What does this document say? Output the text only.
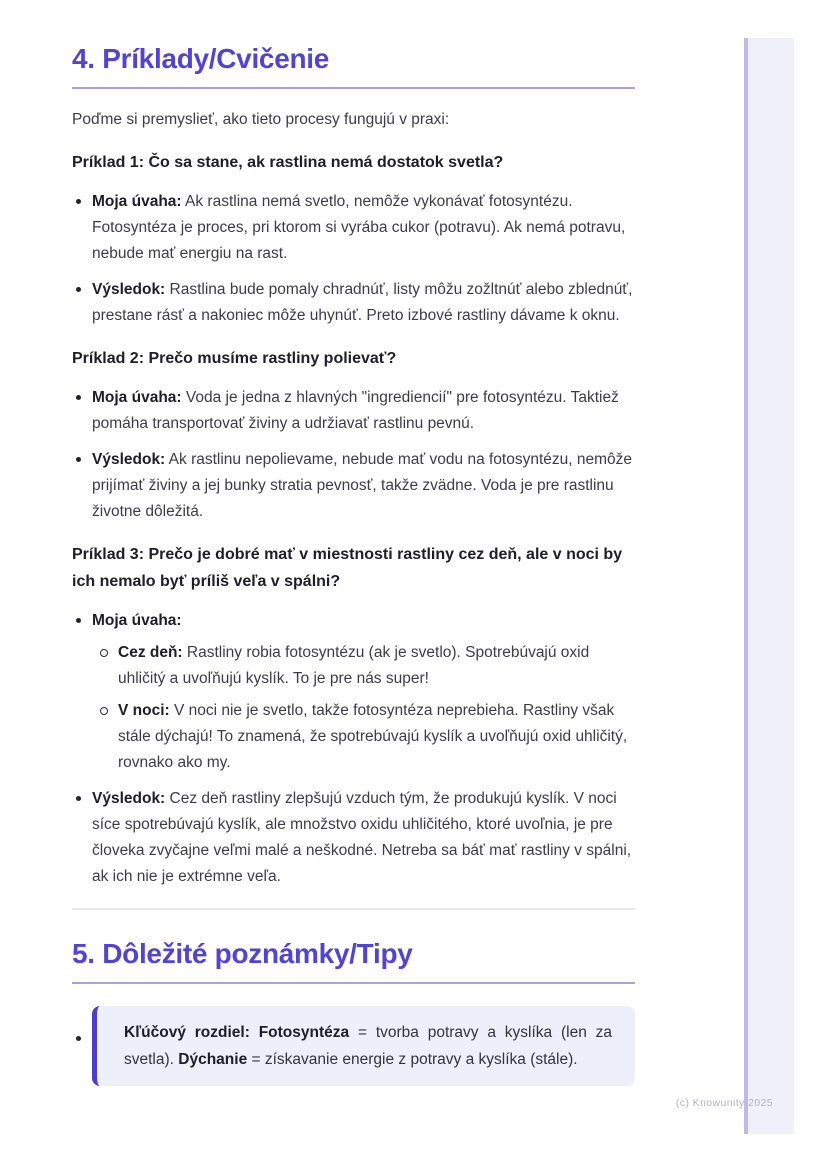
4. Príklady/Cvičenie

Poďme si premyslieť, ako tieto procesy fungujú v praxi:

Príklad 1: Čo sa stane, ak rastlina nemá dostatok svetla?
Moja úvaha: Ak rastlina nemá svetlo, nemôže vykonávať fotosyntézu. Fotosyntéza je proces, pri ktorom si vyrába cukor (potravu). Ak nemá potravu, nebude mať energiu na rast.
Výsledok: Rastlina bude pomaly chradnúť, listy môžu zožltnúť alebo zblednúť, prestane rásť a nakoniec môže uhynúť. Preto izbové rastliny dávame k oknu.
Príklad 2: Prečo musíme rastliny polievať?
Moja úvaha: Voda je jedna z hlavných "ingrediencií" pre fotosyntézu. Taktiež pomáha transportovať živiny a udržiavať rastlinu pevnú.
Výsledok: Ak rastlinu nepolievame, nebude mať vodu na fotosyntézu, nemôže prijímať živiny a jej bunky stratia pevnosť, takže zvädne. Voda je pre rastlinu životne dôležitá.
Príklad 3: Prečo je dobré mať v miestnosti rastliny cez deň, ale v noci by ich nemalo byť príliš veľa v spálni?
Moja úvaha:
Cez deň: Rastliny robia fotosyntézu (ak je svetlo). Spotrebúvajú oxid uhličitý a uvoľňujú kyslík. To je pre nás super!
V noci: V noci nie je svetlo, takže fotosyntéza neprebieha. Rastliny však stále dýchajú! To znamená, že spotrebúvajú kyslík a uvoľňujú oxid uhličitý, rovnako ako my.
Výsledok: Cez deň rastliny zlepšujú vzduch tým, že produkujú kyslík. V noci síce spotrebúvajú kyslík, ale množstvo oxidu uhličitého, ktoré uvoľnia, je pre človeka zvyčajne veľmi malé a neškodné. Netreba sa báť mať rastliny v spálni, ak ich nie je extrémne veľa.
5. Dôležité poznámky/Tipy

Kľúčový rozdiel: Fotosyntéza = tvorba potravy a kyslíka (len za svetla). Dýchanie = získavanie energie z potravy a kyslíka (stále).

(c) Knowunity 2025
